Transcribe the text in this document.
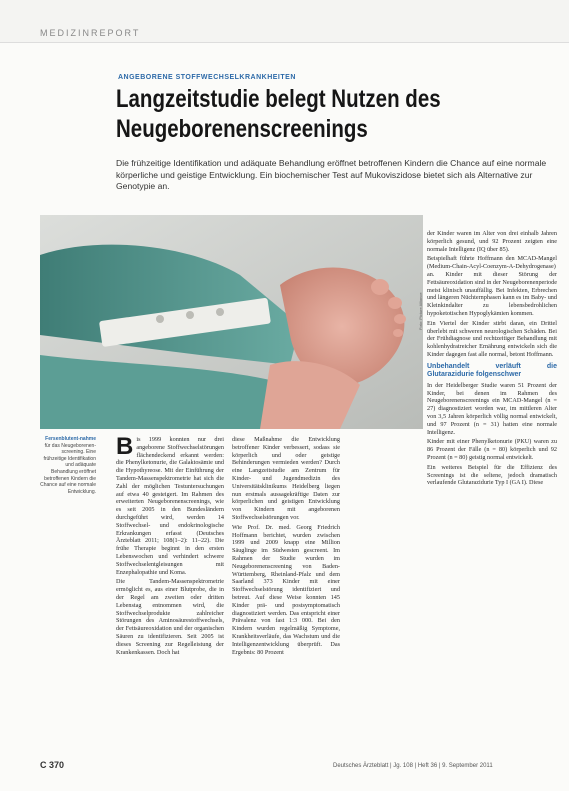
MEDIZINREPORT
ANGEBORENE STOFFWECHSELKRANKHEITEN
Langzeitstudie belegt Nutzen des Neugeborenenscreenings
Die frühzeitige Identifikation und adäquate Behandlung eröffnet betroffenen Kindern die Chance auf eine normale körperliche und geistige Entwicklung. Ein biochemischer Test auf Mukoviszidose bietet sich als Alternative zur Genotypie an.
Foto: Picture Alliance
Fersenblutent-nahme für das Neugeborenen-screening. Eine frühzeitige Identifikation und adäquate Behandlung eröffnet betroffenen Kindern die Chance auf eine normale Entwicklung.

Bis 1999 konnten nur drei angeborene Stoffwechselstörungen flächendeckend erkannt werden: die Phenylketonurie, die Galaktosämie und die Hypothyreose. Mit der Einführung der Tandem-Massenspektrometrie hat sich die Zahl der möglichen Testuntersuchungen auf etwa 40 gesteigert. Im Rahmen des erweiterten Neugeborenenscreenings, wie es seit 2005 in den Bundesländern durchgeführt wird, werden 14 Stoffwechsel- und endokrinologische Erkrankungen erfasst (Deutsches Ärzteblatt 2011; 108(1–2): 11–22). Die frühe Therapie beginnt in den ersten Lebenswochen und verhindert schwere Stoffwechselentgleisungen mit Enzephalopathie und Koma.

Die Tandem-Massenspektrometrie ermöglicht es, aus einer Blutprobe, die in der Regel am zweiten oder dritten Lebenstag entnommen wird, die Stoffwechselprodukte zahlreicher Störungen des Aminosäurestoffwechsels, der Fettsäureoxidation und der organischen Säuren zu identifizieren. Seit 2005 ist dieses Screening zur Regelleistung der Krankenkassen. Doch hat

diese Maßnahme die Entwicklung betroffener Kinder verbessert, sodass sie körperlich und oder geistige Behinderungen vermieden werden? Durch eine Langzeitstudie am Zentrum für Kinder- und Jugendmedizin des Universitätsklinikums Heidelberg liegen nun erstmals aussagekräftige Daten zur körperlichen und geistigen Entwicklung von Kindern mit angeborenen Stoffwechselstörungen vor.

Wie Prof. Dr. med. Georg Friedrich Hoffmann berichtet, wurden zwischen 1999 und 2009 knapp eine Million Säuglinge im Südwesten gescreent. Im Rahmen der Studie wurden im Neugeborenenscreening von Baden-Württemberg, Rheinland-Pfalz und dem Saarland 373 Kinder mit einer Stoffwechselstörung identifiziert und betreut. Auf diese Weise konnten 145 Kinder prä- und postsymptomatisch diagnostiziert werden. Das entspricht einer Prävalenz von fast 1:3 000. Bei den Kindern wurden regelmäßig Symptome, Krankheitsverläufe, das Wachstum und die Intelligenzentwicklung überprüft. Das Ergebnis: 80 Prozent

der Kinder waren im Alter von drei einhalb Jahren körperlich gesund, und 92 Prozent zeigten eine normale Intelligenz (IQ über 85).

Beispielhaft führte Hoffmann den MCAD-Mangel (Medium-Chain-Acyl-Coenzym-A-Dehydrogenase) an. Kinder mit dieser Störung der Fettsäureoxidation sind in der Neugeborenenperiode meist klinisch unauffällig. Bei Infekten, Erbrechen und längeren Nüchternphasen kann es im Baby- und Kleinkindalter zu lebensbedrohlichen hypoketotischen Hypoglykämien kommen.

Ein Viertel der Kinder stirbt daran, ein Drittel überlebt mit schweren neurologischen Schäden. Bei der Frühdiagnose und rechtzeitiger Behandlung mit kohlenhydratreicher Ernährung entwickeln sich die Kinder dagegen fast alle normal, betont Hoffmann.

Unbehandelt verläuft die Glutarazidurie folgenschwer

In der Heidelberger Studie waren 51 Prozent der Kinder, bei denen im Rahmen des Neugeborenenscreenings ein MCAD-Mangel (n = 27) diagnostiziert worden war, im mittleren Alter von 3,5 Jahren körperlich völlig normal entwickelt, und 97 Prozent (n = 31) hatten eine normale Intelligenz.

Kinder mit einer Phenylketonurie (PKU) waren zu 86 Prozent der Fälle (n = 80) körperlich und 92 Prozent (n = 80) geistig normal entwickelt.

Ein weiteres Beispiel für die Effizienz des Screenings ist die seltene, jedoch dramatisch verlaufende Glutarazidurie Typ I (GA I). Diese

C 370	Deutsches Ärzteblatt | Jg. 108 | Heft 36 | 9. September 2011
